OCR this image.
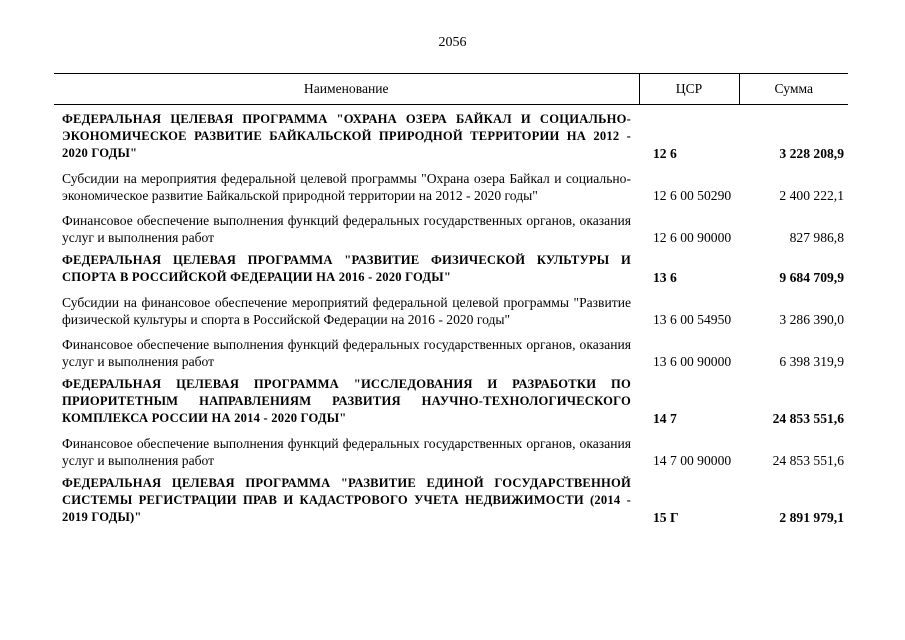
2056
Наименование	ЦСР	Сумма
ФЕДЕРАЛЬНАЯ ЦЕЛЕВАЯ ПРОГРАММА "ОХРАНА ОЗЕРА БАЙКАЛ И СОЦИАЛЬНО-ЭКОНОМИЧЕСКОЕ РАЗВИТИЕ БАЙКАЛЬСКОЙ ПРИРОДНОЙ ТЕРРИТОРИИ НА 2012 - 2020 ГОДЫ"	12 6	3 228 208,9
Субсидии на мероприятия федеральной целевой программы "Охрана озера Байкал и социально-экономическое развитие Байкальской природной территории на 2012 - 2020 годы"	12 6 00 50290	2 400 222,1
Финансовое обеспечение выполнения функций федеральных государственных органов, оказания услуг и выполнения работ	12 6 00 90000	827 986,8
ФЕДЕРАЛЬНАЯ ЦЕЛЕВАЯ ПРОГРАММА "РАЗВИТИЕ ФИЗИЧЕСКОЙ КУЛЬТУРЫ И СПОРТА В РОССИЙСКОЙ ФЕДЕРАЦИИ НА 2016 - 2020 ГОДЫ"	13 6	9 684 709,9
Субсидии на финансовое обеспечение мероприятий федеральной целевой программы "Развитие физической культуры и спорта в Российской Федерации на 2016 - 2020 годы"	13 6 00 54950	3 286 390,0
Финансовое обеспечение выполнения функций федеральных государственных органов, оказания услуг и выполнения работ	13 6 00 90000	6 398 319,9
ФЕДЕРАЛЬНАЯ ЦЕЛЕВАЯ ПРОГРАММА "ИССЛЕДОВАНИЯ И РАЗРАБОТКИ ПО ПРИОРИТЕТНЫМ НАПРАВЛЕНИЯМ РАЗВИТИЯ НАУЧНО-ТЕХНОЛОГИЧЕСКОГО КОМПЛЕКСА РОССИИ НА 2014 - 2020 ГОДЫ"	14 7	24 853 551,6
Финансовое обеспечение выполнения функций федеральных государственных органов, оказания услуг и выполнения работ	14 7 00 90000	24 853 551,6
ФЕДЕРАЛЬНАЯ ЦЕЛЕВАЯ ПРОГРАММА "РАЗВИТИЕ ЕДИНОЙ ГОСУДАРСТВЕННОЙ СИСТЕМЫ РЕГИСТРАЦИИ ПРАВ И КАДАСТРОВОГО УЧЕТА НЕДВИЖИМОСТИ (2014 - 2019 ГОДЫ)"	15 Г	2 891 979,1
